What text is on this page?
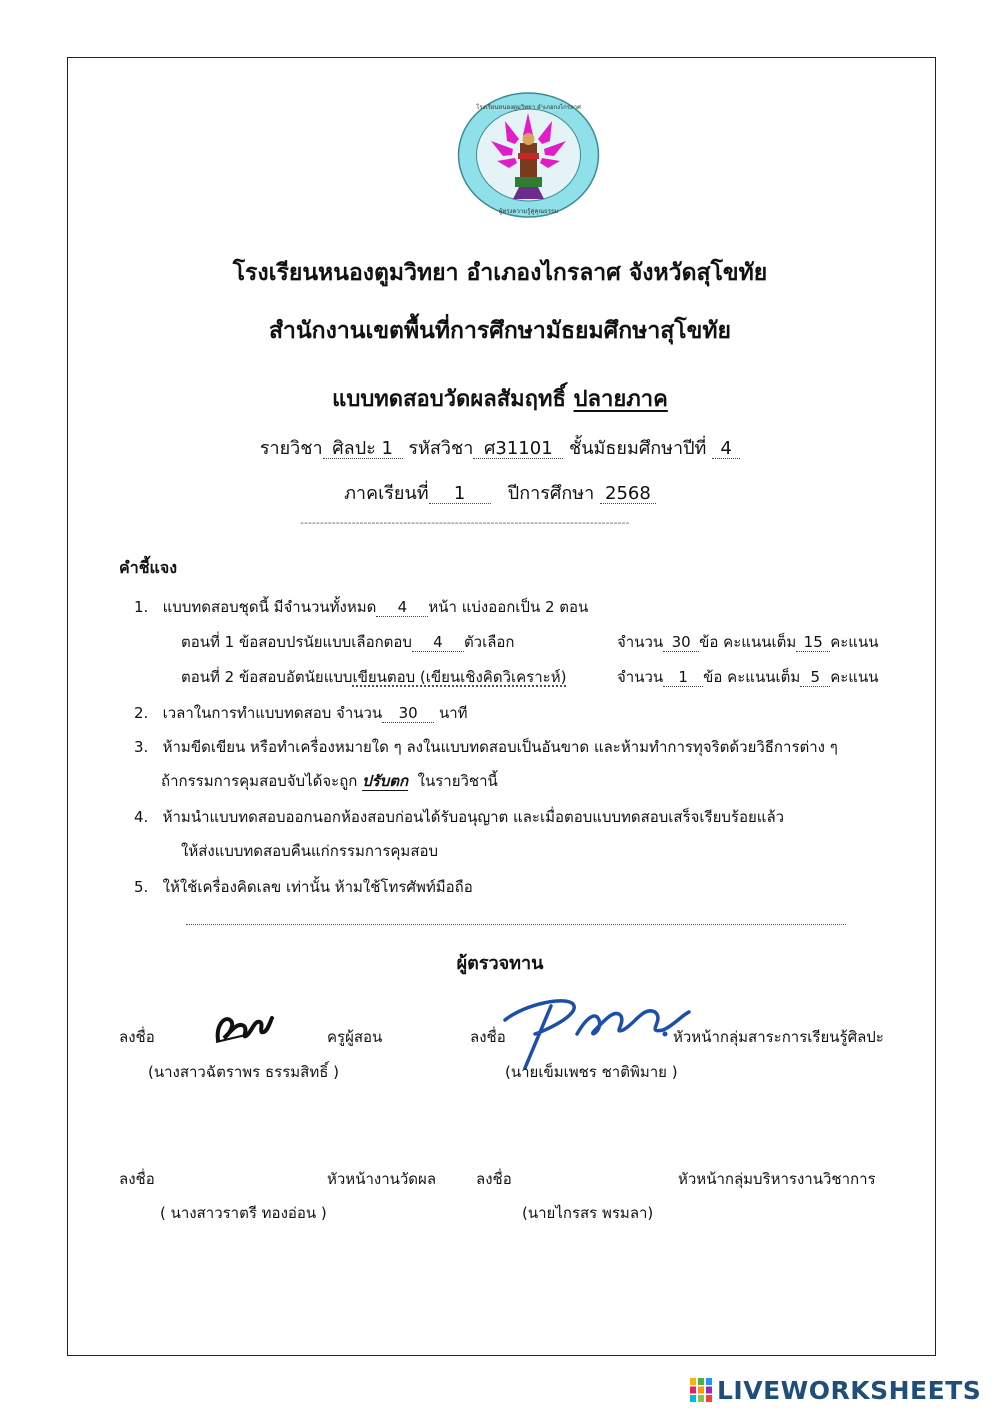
โรงเรียนหนองตูมวิทยา อำเภอกงไกรลาศ
ผู้ทรงความรู้คู่คุณธรรม
โรงเรียนหนองตูมวิทยา อำเภองไกรลาศ จังหวัดสุโขทัย
สำนักงานเขตพื้นที่การศึกษามัธยมศึกษาสุโขทัย
แบบทดสอบวัดผลสัมฤทธิ์ ปลายภาค
รายวิชา ศิลปะ 1 รหัสวิชา ศ31101 ชั้นมัธยมศึกษาปีที่ 4
ภาคเรียนที่ 1 ปีการศึกษา 2568
-----------------------------------------------------------------------------------
คำชี้แจง
1. แบบทดสอบชุดนี้ มีจำนวนทั้งหมด 4 หน้า แบ่งออกเป็น 2 ตอน
ตอนที่ 1 ข้อสอบปรนัยแบบเลือกตอบ 4 ตัวเลือก	จำนวน 30 ข้อ คะแนนเต็ม 15 คะแนน
ตอนที่ 2 ข้อสอบอัตนัยแบบเขียนตอบ (เขียนเชิงคิดวิเคราะห์)	จำนวน 1 ข้อ คะแนนเต็ม 5 คะแนน
2. เวลาในการทำแบบทดสอบ จำนวน 30 นาที
3. ห้ามขีดเขียน หรือทำเครื่องหมายใด ๆ ลงในแบบทดสอบเป็นอันขาด และห้ามทำการทุจริตด้วยวิธีการต่าง ๆ
ถ้ากรรมการคุมสอบจับได้จะถูก ปรับตก ในรายวิชานี้
4. ห้ามนำแบบทดสอบออกนอกห้องสอบก่อนได้รับอนุญาต และเมื่อตอบแบบทดสอบเสร็จเรียบร้อยแล้ว
ให้ส่งแบบทดสอบคืนแก่กรรมการคุมสอบ
5. ให้ใช้เครื่องคิดเลข เท่านั้น ห้ามใช้โทรศัพท์มือถือ
ผู้ตรวจทาน
ลงชื่อ	ครูผู้สอน
(นางสาวฉัตราพร ธรรมสิทธิ์ )
ลงชื่อ	หัวหน้ากลุ่มสาระการเรียนรู้ศิลปะ
(นายเข็มเพชร ชาติพิมาย )
ลงชื่อ	หัวหน้างานวัดผล
( นางสาวราตรี ทองอ่อน )
ลงชื่อ	หัวหน้ากลุ่มบริหารงานวิชาการ
(นายไกรสร พรมลา)
LIVEWORKSHEETS
